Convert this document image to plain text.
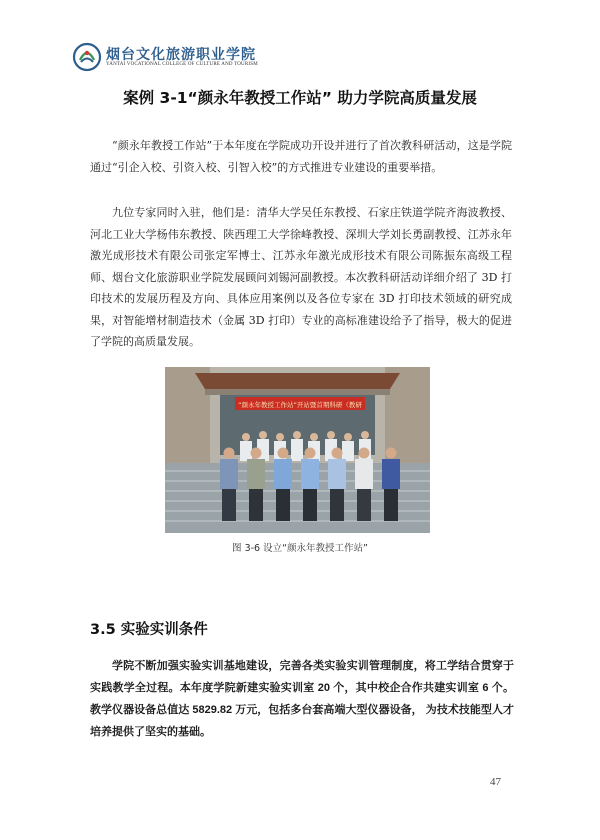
烟台文化旅游职业学院
YANTAI VOCATIONAL COLLEGE OF CULTURE AND TOURISM
案例 3-1“颜永年教授工作站” 助力学院高质量发展

“颜永年教授工作站”于本年度在学院成功开设并进行了首次教科研活动，这是学院通过“引企入校、引资入校、引智入校”的方式推进专业建设的重要举措。

九位专家同时入驻，他们是：清华大学吴任东教授、石家庄铁道学院齐海波教授、河北工业大学杨伟东教授、陕西理工大学徐峰教授、深圳大学刘长勇副教授、江苏永年激光成形技术有限公司张定军博士、江苏永年激光成形技术有限公司陈振东高级工程师、烟台文化旅游职业学院发展顾问刘锡河副教授。本次教科研活动详细介绍了 3D 打印技术的发展历程及方向、具体应用案例以及各位专家在 3D 打印技术领域的研究成果，对智能增材制造技术（金属 3D 打印）专业的高标准建设给予了指导，极大的促进了学院的高质量发展。

“颜永年教授工作站”开站暨首期科研（教研
图 3-6 设立“颜永年教授工作站”
3.5 实验实训条件

学院不断加强实验实训基地建设，完善各类实验实训管理制度，将工学结合贯穿于实践教学全过程。本年度学院新建实验实训室 20 个，其中校企合作共建实训室 6 个。教学仪器设备总值达 5829.82 万元，包括多台套高端大型仪器设备， 为技术技能型人才培养提供了坚实的基础。

47
